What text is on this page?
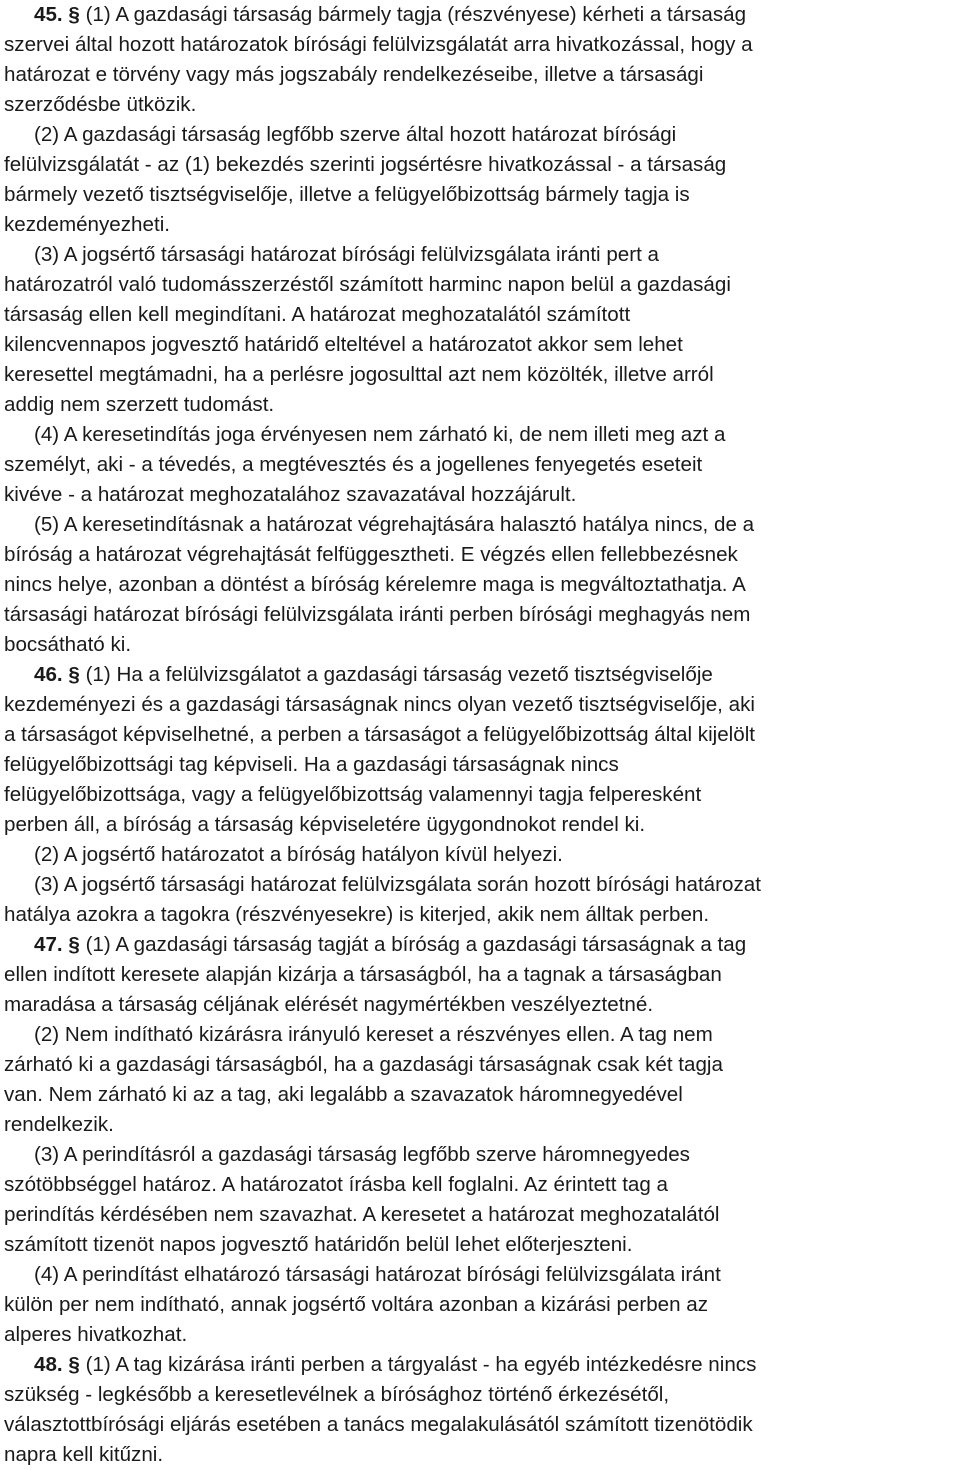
45. § (1) A gazdasági társaság bármely tagja (részvényese) kérheti a társaság
szervei által hozott határozatok bírósági felülvizsgálatát arra hivatkozással, hogy a
határozat e törvény vagy más jogszabály rendelkezéseibe, illetve a társasági
szerződésbe ütközik.
(2) A gazdasági társaság legfőbb szerve által hozott határozat bírósági
felülvizsgálatát - az (1) bekezdés szerinti jogsértésre hivatkozással - a társaság
bármely vezető tisztségviselője, illetve a felügyelőbizottság bármely tagja is
kezdeményezheti.
(3) A jogsértő társasági határozat bírósági felülvizsgálata iránti pert a
határozatról való tudomásszerzéstől számított harminc napon belül a gazdasági
társaság ellen kell megindítani. A határozat meghozatalától számított
kilencvennapos jogvesztő határidő elteltével a határozatot akkor sem lehet
keresettel megtámadni, ha a perlésre jogosulttal azt nem közölték, illetve arról
addig nem szerzett tudomást.
(4) A keresetindítás joga érvényesen nem zárható ki, de nem illeti meg azt a
személyt, aki - a tévedés, a megtévesztés és a jogellenes fenyegetés eseteit
kivéve - a határozat meghozatalához szavazatával hozzájárult.
(5) A keresetindításnak a határozat végrehajtására halasztó hatálya nincs, de a
bíróság a határozat végrehajtását felfüggesztheti. E végzés ellen fellebbezésnek
nincs helye, azonban a döntést a bíróság kérelemre maga is megváltoztathatja. A
társasági határozat bírósági felülvizsgálata iránti perben bírósági meghagyás nem
bocsátható ki.
46. § (1) Ha a felülvizsgálatot a gazdasági társaság vezető tisztségviselője
kezdeményezi és a gazdasági társaságnak nincs olyan vezető tisztségviselője, aki
a társaságot képviselhetné, a perben a társaságot a felügyelőbizottság által kijelölt
felügyelőbizottsági tag képviseli. Ha a gazdasági társaságnak nincs
felügyelőbizottsága, vagy a felügyelőbizottság valamennyi tagja felperesként
perben áll, a bíróság a társaság képviseletére ügygondnokot rendel ki.
(2) A jogsértő határozatot a bíróság hatályon kívül helyezi.
(3) A jogsértő társasági határozat felülvizsgálata során hozott bírósági határozat
hatálya azokra a tagokra (részvényesekre) is kiterjed, akik nem álltak perben.
47. § (1) A gazdasági társaság tagját a bíróság a gazdasági társaságnak a tag
ellen indított keresete alapján kizárja a társaságból, ha a tagnak a társaságban
maradása a társaság céljának elérését nagymértékben veszélyeztetné.
(2) Nem indítható kizárásra irányuló kereset a részvényes ellen. A tag nem
zárható ki a gazdasági társaságból, ha a gazdasági társaságnak csak két tagja
van. Nem zárható ki az a tag, aki legalább a szavazatok háromnegyedével
rendelkezik.
(3) A perindításról a gazdasági társaság legfőbb szerve háromnegyedes
szótöbbséggel határoz. A határozatot írásba kell foglalni. Az érintett tag a
perindítás kérdésében nem szavazhat. A keresetet a határozat meghozatalától
számított tizenöt napos jogvesztő határidőn belül lehet előterjeszteni.
(4) A perindítást elhatározó társasági határozat bírósági felülvizsgálata iránt
külön per nem indítható, annak jogsértő voltára azonban a kizárási perben az
alperes hivatkozhat.
48. § (1) A tag kizárása iránti perben a tárgyalást - ha egyéb intézkedésre nincs
szükség - legkésőbb a keresetlevélnek a bírósághoz történő érkezésétől,
választottbírósági eljárás esetében a tanács megalakulásától számított tizenötödik
napra kell kitűzni.
